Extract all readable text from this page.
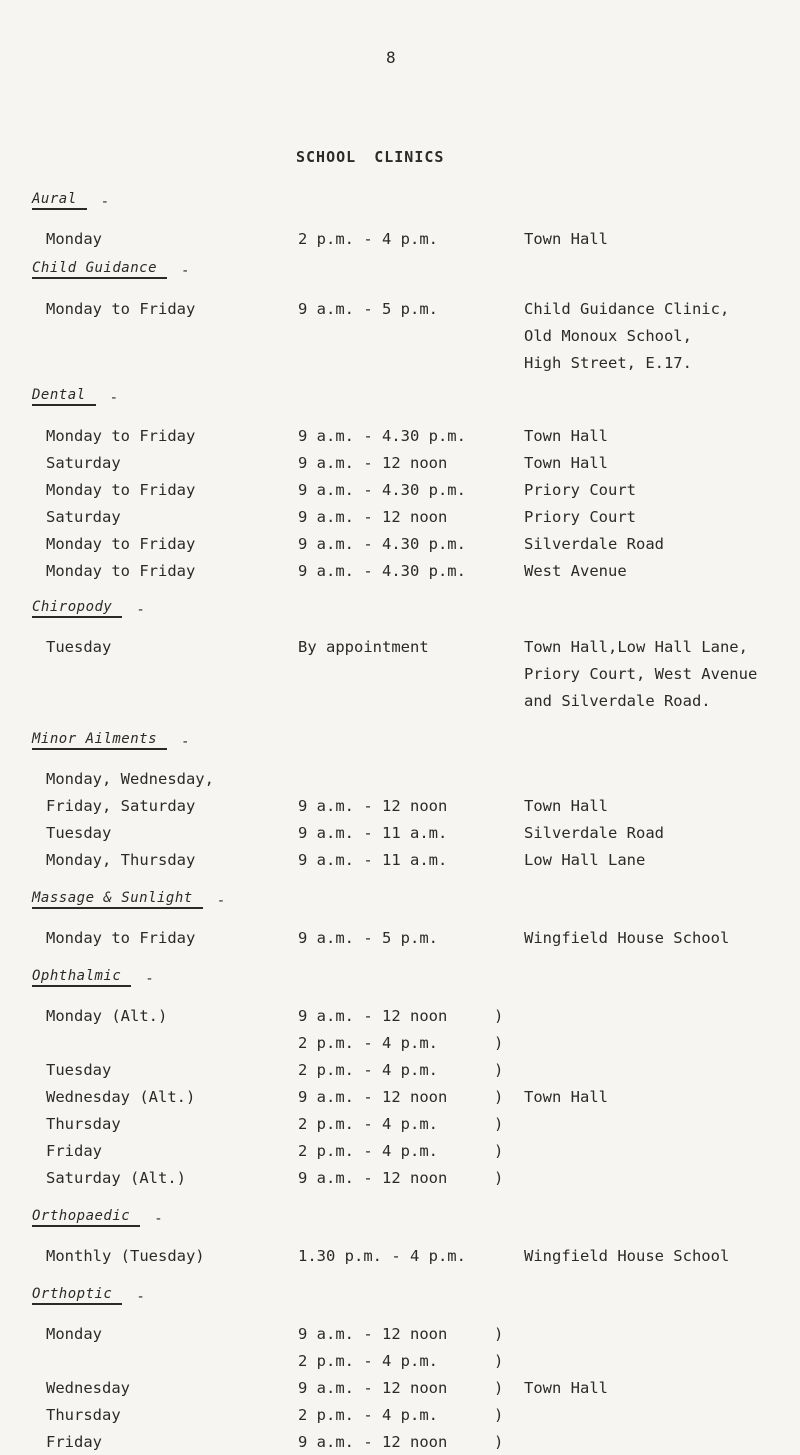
8
SCHOOL CLINICS
Aural	-
Monday	2 p.m. - 4 p.m.	Town Hall
Child Guidance	-
Monday to Friday	9 a.m. - 5 p.m.	Child Guidance Clinic,
Old Monoux School,
High Street, E.17.
Dental	-
Monday to Friday	9 a.m. - 4.30 p.m.	Town Hall
Saturday	9 a.m. - 12 noon	Town Hall
Monday to Friday	9 a.m. - 4.30 p.m.	Priory Court
Saturday	9 a.m. - 12 noon	Priory Court
Monday to Friday	9 a.m. - 4.30 p.m.	Silverdale Road
Monday to Friday	9 a.m. - 4.30 p.m.	West Avenue
Chiropody	-
Tuesday	By appointment	Town Hall,Low Hall Lane,
Priory Court, West Avenue
and Silverdale Road.
Minor Ailments	-
Monday, Wednesday,
Friday, Saturday	9 a.m. - 12 noon	Town Hall
Tuesday	9 a.m. - 11 a.m.	Silverdale Road
Monday, Thursday	9 a.m. - 11 a.m.	Low Hall Lane
Massage & Sunlight	-
Monday to Friday	9 a.m. - 5 p.m.	Wingfield House School
Ophthalmic	-
Monday (Alt.)	9 a.m. - 12 noon	)
2 p.m. - 4 p.m.	)
Tuesday	2 p.m. - 4 p.m.	)
Wednesday (Alt.)	9 a.m. - 12 noon	) Town Hall
Thursday	2 p.m. - 4 p.m.	)
Friday	2 p.m. - 4 p.m.	)
Saturday (Alt.)	9 a.m. - 12 noon	)
Orthopaedic	-
Monthly (Tuesday)	1.30 p.m. - 4 p.m.	Wingfield House School
Orthoptic	-
Monday	9 a.m. - 12 noon	)
2 p.m. - 4 p.m.	)
Wednesday	9 a.m. - 12 noon	) Town Hall
Thursday	2 p.m. - 4 p.m.	)
Friday	9 a.m. - 12 noon	)
